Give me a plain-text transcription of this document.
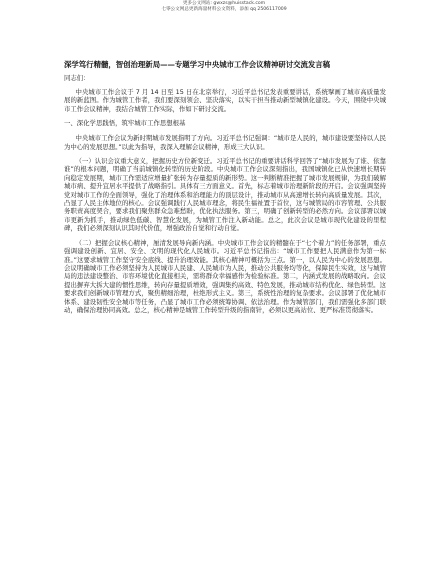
更多公文网站: gwxzs@huisstack.com
七零公文网总更新海量材料公文资料，添加 qq 2506117009
深学笃行精髓，智创治理新局——专题学习中央城市工作会议精神研讨交流发言稿
同志们：

中央城市工作会议于 7 月 14 日至 15 日在北京举行，习近平总书记发表重要讲话，系统擘画了城市高质量发展的新蓝图。作为城管工作者，我们要深刻领会、坚决落实，以实干担当推动新型城镇化建设。今天，围绕中央城市工作会议精神，我结合城管工作实际，作如下研讨交流。

一、深化学思践悟，筑牢城市工作思想根基

中央城市工作会议为新时期城市发展指明了方向。习近平总书记强调：“城市是人民的，城市建设要坚持以人民为中心的发展思想。”以此为指导，我深入理解会议精神，形成三大认识。

（一）认识会议重大意义，把握历史方位新变迁。习近平总书记的重要讲话科学回答了“城市发展为了谁、依靠谁”的根本问题，明确了当前城镇化转型的历史阶段。中央城市工作会议深刻指出，我国城镇化已从快速增长期转向稳定发展期，城市工作需适应增量扩张转为存量提质的新形势。这一判断精准把握了城市发展规律，为我们破解城市病、提升宜居水平提供了战略指引。具体有三方面意义。首先，标志着城市治理新阶段的开启。会议强调坚持党对城市工作的全面领导，强化了治理体系和治理能力的顶层设计，推动城市从高速增长转向高质量发展。其次，凸显了人民主体地位的核心。会议强调践行人民城市理念，将民生福祉置于首位，这与城管局的市容管理、公共服务职责高度契合，要求我们聚焦群众急难愁盼，优化执法服务。第三，明确了创新转型的必然方向。会议部署以城市更新为抓手，推动绿色低碳、智慧化发展，为城管工作注入新动能。总之，此次会议是城市现代化建设的里程碑，我们必须深刻认识其时代价值，增强政治自觉和行动自觉。

（二）把握会议核心精神，厘清发展导向新内涵。中央城市工作会议的精髓在于“七个着力”的任务部署，重点强调建设创新、宜居、安全、文明的现代化人民城市。习近平总书记指出：“城市工作要把人民满意作为第一标准。”这要求城管工作坚守安全底线、提升治理效能。其核心精神可概括为三点。第一，以人民为中心的发展思想。会议明确城市工作必须坚持为人民城市人民建、人民城市为人民，推动公共服务均等化，保障民生实效，这与城管局的违法建设整治、市容环境优化直接相关，需将群众幸福感作为检验标准。第二，内涵式发展的战略取向。会议提出摒弃大拆大建的惯性思维，转向存量提质增效，强调集约高效、特色发展，推动城市结构优化、绿色转型。这要求我们创新城市管理方式，聚焦精细治理，杜绝形式主义。第三，系统性治理的复杂要求。会议部署了优化城市体系、建设韧性安全城市等任务，凸显了城市工作必须统筹协调、依法治理。作为城管部门，我们需强化多部门联动，确保治理协同高效。总之，核心精神是城管工作转型升级的指南针，必须以更高站位、更严标准贯彻落实。
